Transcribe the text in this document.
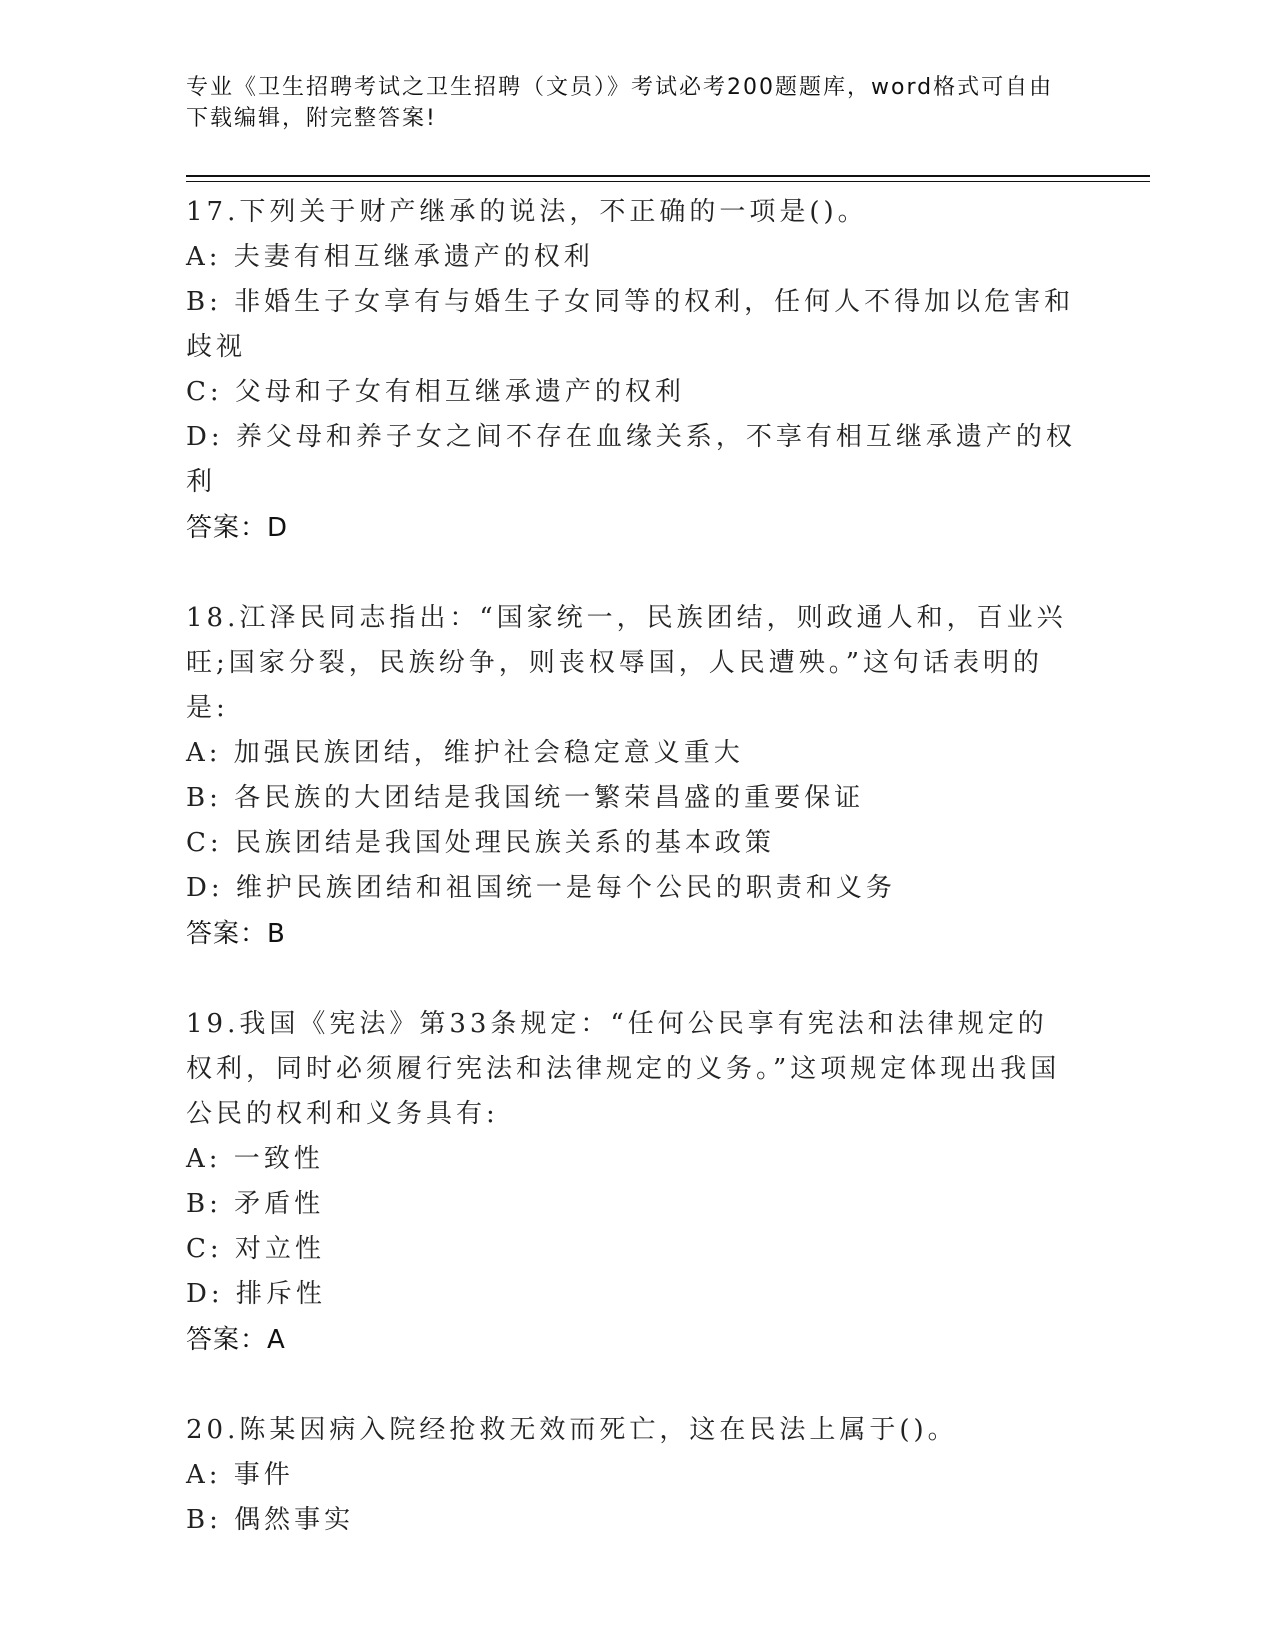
专业《卫生招聘考试之卫生招聘（文员）》考试必考200题题库，word格式可自由下载编辑，附完整答案!
17.下列关于财产继承的说法，不正确的一项是()。
A: 夫妻有相互继承遗产的权利
B: 非婚生子女享有与婚生子女同等的权利，任何人不得加以危害和歧视
C: 父母和子女有相互继承遗产的权利
D: 养父母和养子女之间不存在血缘关系，不享有相互继承遗产的权利
答案：D
18.江泽民同志指出：“国家统一，民族团结，则政通人和，百业兴旺;国家分裂，民族纷争，则丧权辱国，人民遭殃。”这句话表明的是:
A: 加强民族团结，维护社会稳定意义重大
B: 各民族的大团结是我国统一繁荣昌盛的重要保证
C: 民族团结是我国处理民族关系的基本政策
D: 维护民族团结和祖国统一是每个公民的职责和义务
答案：B
19.我国《宪法》第33条规定：“任何公民享有宪法和法律规定的权利，同时必须履行宪法和法律规定的义务。”这项规定体现出我国公民的权利和义务具有:
A: 一致性
B: 矛盾性
C: 对立性
D: 排斥性
答案：A
20.陈某因病入院经抢救无效而死亡，这在民法上属于()。
A: 事件
B: 偶然事实
